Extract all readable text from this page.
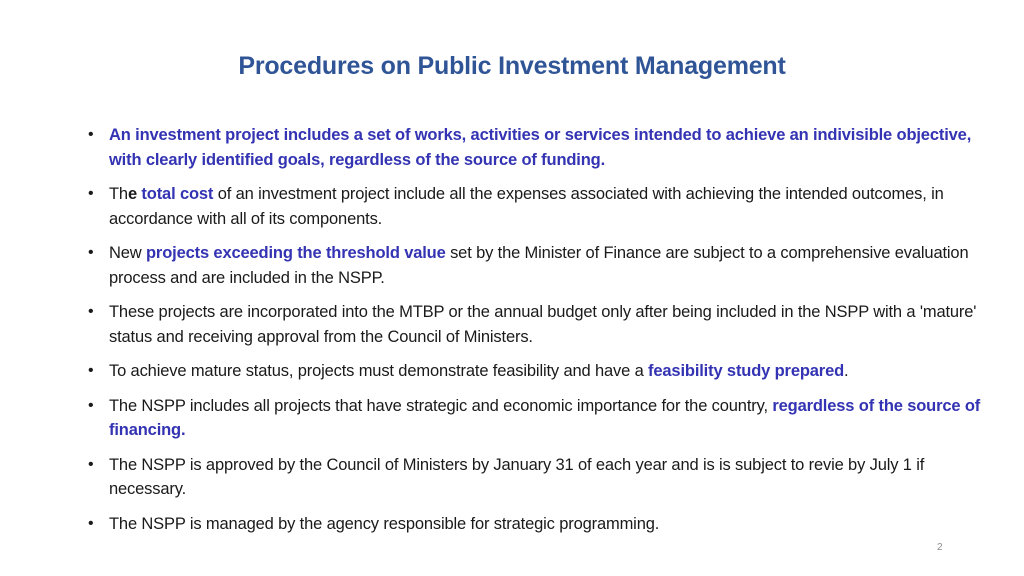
Procedures on Public Investment Management
• An investment project includes a set of works, activities or services intended to achieve an indivisible objective, with clearly identified goals, regardless of the source of funding.
• The total cost of an investment project include all the expenses associated with achieving the intended outcomes, in accordance with all of its components.
• New projects exceeding the threshold value set by the Minister of Finance are subject to a comprehensive evaluation process and are included in the NSPP.
• These projects are incorporated into the MTBP or the annual budget only after being included in the NSPP with a 'mature' status and receiving approval from the Council of Ministers.
• To achieve mature status, projects must demonstrate feasibility and have a feasibility study prepared.
• The NSPP includes all projects that have strategic and economic importance for the country, regardless of the source of financing.
• The NSPP is approved by the Council of Ministers by January 31 of each year and is is subject to revie by July 1 if necessary.
• The NSPP is managed by the agency responsible for strategic programming.
2
